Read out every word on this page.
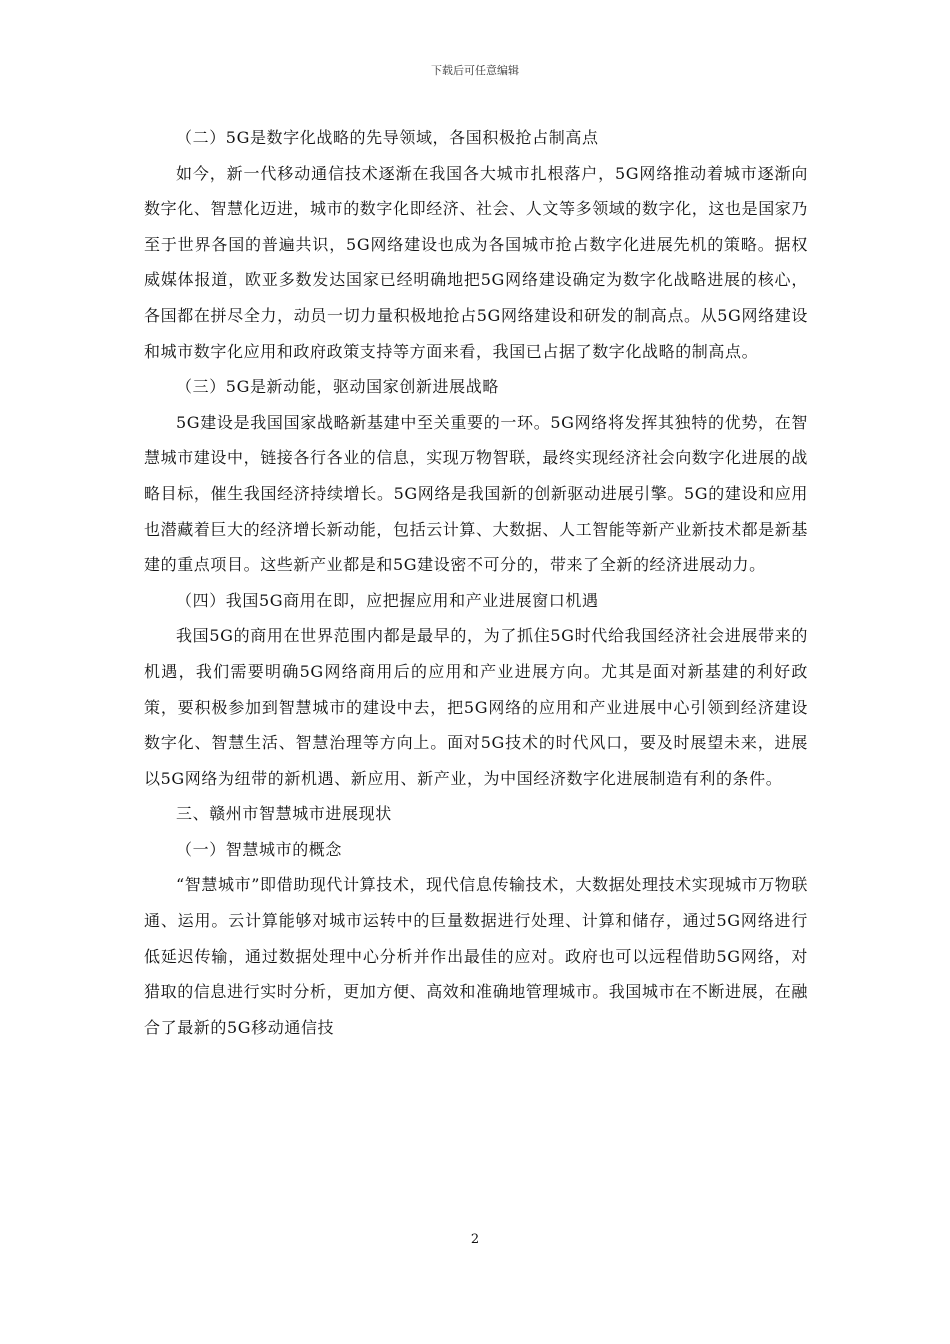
下载后可任意编辑

（二）5G是数字化战略的先导领域，各国积极抢占制高点

如今，新一代移动通信技术逐渐在我国各大城市扎根落户，5G网络推动着城市逐渐向数字化、智慧化迈进，城市的数字化即经济、社会、人文等多领域的数字化，这也是国家乃至于世界各国的普遍共识，5G网络建设也成为各国城市抢占数字化进展先机的策略。据权威媒体报道，欧亚多数发达国家已经明确地把5G网络建设确定为数字化战略进展的核心，各国都在拼尽全力，动员一切力量积极地抢占5G网络建设和研发的制高点。从5G网络建设和城市数字化应用和政府政策支持等方面来看，我国已占据了数字化战略的制高点。

（三）5G是新动能，驱动国家创新进展战略

5G建设是我国国家战略新基建中至关重要的一环。5G网络将发挥其独特的优势，在智慧城市建设中，链接各行各业的信息，实现万物智联，最终实现经济社会向数字化进展的战略目标，催生我国经济持续增长。5G网络是我国新的创新驱动进展引擎。5G的建设和应用也潜藏着巨大的经济增长新动能，包括云计算、大数据、人工智能等新产业新技术都是新基建的重点项目。这些新产业都是和5G建设密不可分的，带来了全新的经济进展动力。

（四）我国5G商用在即，应把握应用和产业进展窗口机遇

我国5G的商用在世界范围内都是最早的，为了抓住5G时代给我国经济社会进展带来的机遇，我们需要明确5G网络商用后的应用和产业进展方向。尤其是面对新基建的利好政策，要积极参加到智慧城市的建设中去，把5G网络的应用和产业进展中心引领到经济建设数字化、智慧生活、智慧治理等方向上。面对5G技术的时代风口，要及时展望未来，进展以5G网络为纽带的新机遇、新应用、新产业，为中国经济数字化进展制造有利的条件。

三、赣州市智慧城市进展现状

（一）智慧城市的概念

“智慧城市”即借助现代计算技术，现代信息传输技术，大数据处理技术实现城市万物联通、运用。云计算能够对城市运转中的巨量数据进行处理、计算和储存，通过5G网络进行低延迟传输，通过数据处理中心分析并作出最佳的应对。政府也可以远程借助5G网络，对猎取的信息进行实时分析，更加方便、高效和准确地管理城市。我国城市在不断进展，在融合了最新的5G移动通信技

2
